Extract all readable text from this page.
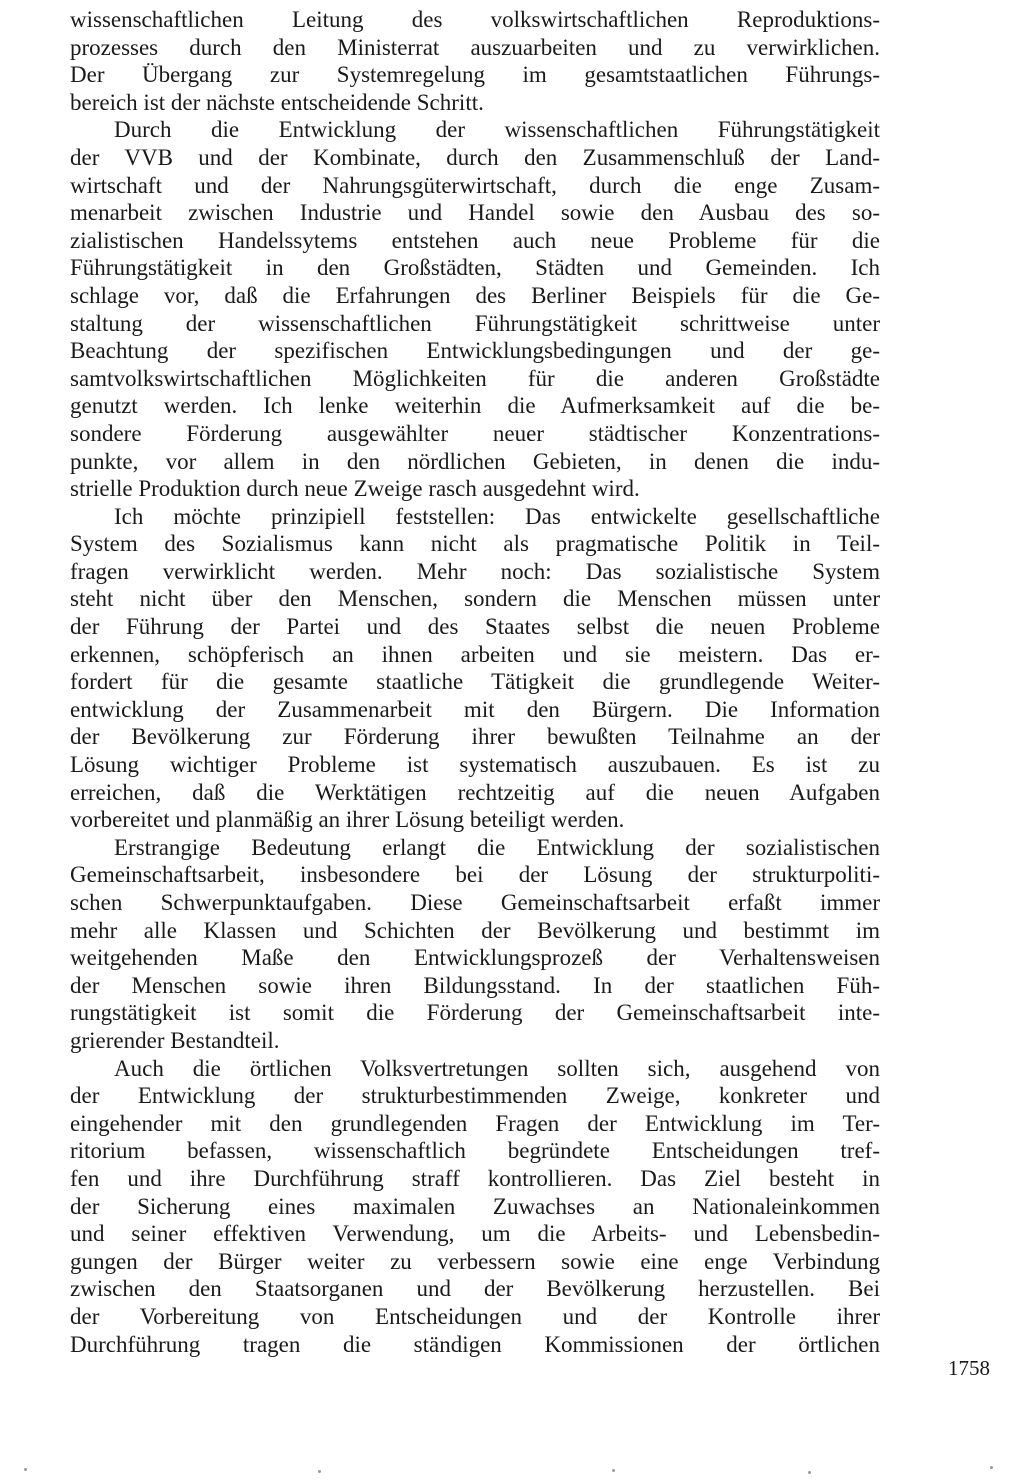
wissenschaftlichen Leitung des volkswirtschaftlichen Reproduktions-
prozesses durch den Ministerrat auszuarbeiten und zu verwirklichen.
Der Übergang zur Systemregelung im gesamtstaatlichen Führungs-
bereich ist der nächste entscheidende Schritt.
Durch die Entwicklung der wissenschaftlichen Führungstätigkeit
der VVB und der Kombinate, durch den Zusammenschluß der Land-
wirtschaft und der Nahrungsgüterwirtschaft, durch die enge Zusam-
menarbeit zwischen Industrie und Handel sowie den Ausbau des so-
zialistischen Handelssytems entstehen auch neue Probleme für die
Führungstätigkeit in den Großstädten, Städten und Gemeinden. Ich
schlage vor, daß die Erfahrungen des Berliner Beispiels für die Ge-
staltung der wissenschaftlichen Führungstätigkeit schrittweise unter
Beachtung der spezifischen Entwicklungsbedingungen und der ge-
samtvolkswirtschaftlichen Möglichkeiten für die anderen Großstädte
genutzt werden. Ich lenke weiterhin die Aufmerksamkeit auf die be-
sondere Förderung ausgewählter neuer städtischer Konzentrations-
punkte, vor allem in den nördlichen Gebieten, in denen die indu-
strielle Produktion durch neue Zweige rasch ausgedehnt wird.
Ich möchte prinzipiell feststellen: Das entwickelte gesellschaftliche
System des Sozialismus kann nicht als pragmatische Politik in Teil-
fragen verwirklicht werden. Mehr noch: Das sozialistische System
steht nicht über den Menschen, sondern die Menschen müssen unter
der Führung der Partei und des Staates selbst die neuen Probleme
erkennen, schöpferisch an ihnen arbeiten und sie meistern. Das er-
fordert für die gesamte staatliche Tätigkeit die grundlegende Weiter-
entwicklung der Zusammenarbeit mit den Bürgern. Die Information
der Bevölkerung zur Förderung ihrer bewußten Teilnahme an der
Lösung wichtiger Probleme ist systematisch auszubauen. Es ist zu
erreichen, daß die Werktätigen rechtzeitig auf die neuen Aufgaben
vorbereitet und planmäßig an ihrer Lösung beteiligt werden.
Erstrangige Bedeutung erlangt die Entwicklung der sozialistischen
Gemeinschaftsarbeit, insbesondere bei der Lösung der strukturpoliti-
schen Schwerpunktaufgaben. Diese Gemeinschaftsarbeit erfaßt immer
mehr alle Klassen und Schichten der Bevölkerung und bestimmt im
weitgehenden Maße den Entwicklungsprozeß der Verhaltensweisen
der Menschen sowie ihren Bildungsstand. In der staatlichen Füh-
rungstätigkeit ist somit die Förderung der Gemeinschaftsarbeit inte-
grierender Bestandteil.
Auch die örtlichen Volksvertretungen sollten sich, ausgehend von
der Entwicklung der strukturbestimmenden Zweige, konkreter und
eingehender mit den grundlegenden Fragen der Entwicklung im Ter-
ritorium befassen, wissenschaftlich begründete Entscheidungen tref-
fen und ihre Durchführung straff kontrollieren. Das Ziel besteht in
der Sicherung eines maximalen Zuwachses an Nationaleinkommen
und seiner effektiven Verwendung, um die Arbeits- und Lebensbedin-
gungen der Bürger weiter zu verbessern sowie eine enge Verbindung
zwischen den Staatsorganen und der Bevölkerung herzustellen. Bei
der Vorbereitung von Entscheidungen und der Kontrolle ihrer
Durchführung tragen die ständigen Kommissionen der örtlichen
1758
